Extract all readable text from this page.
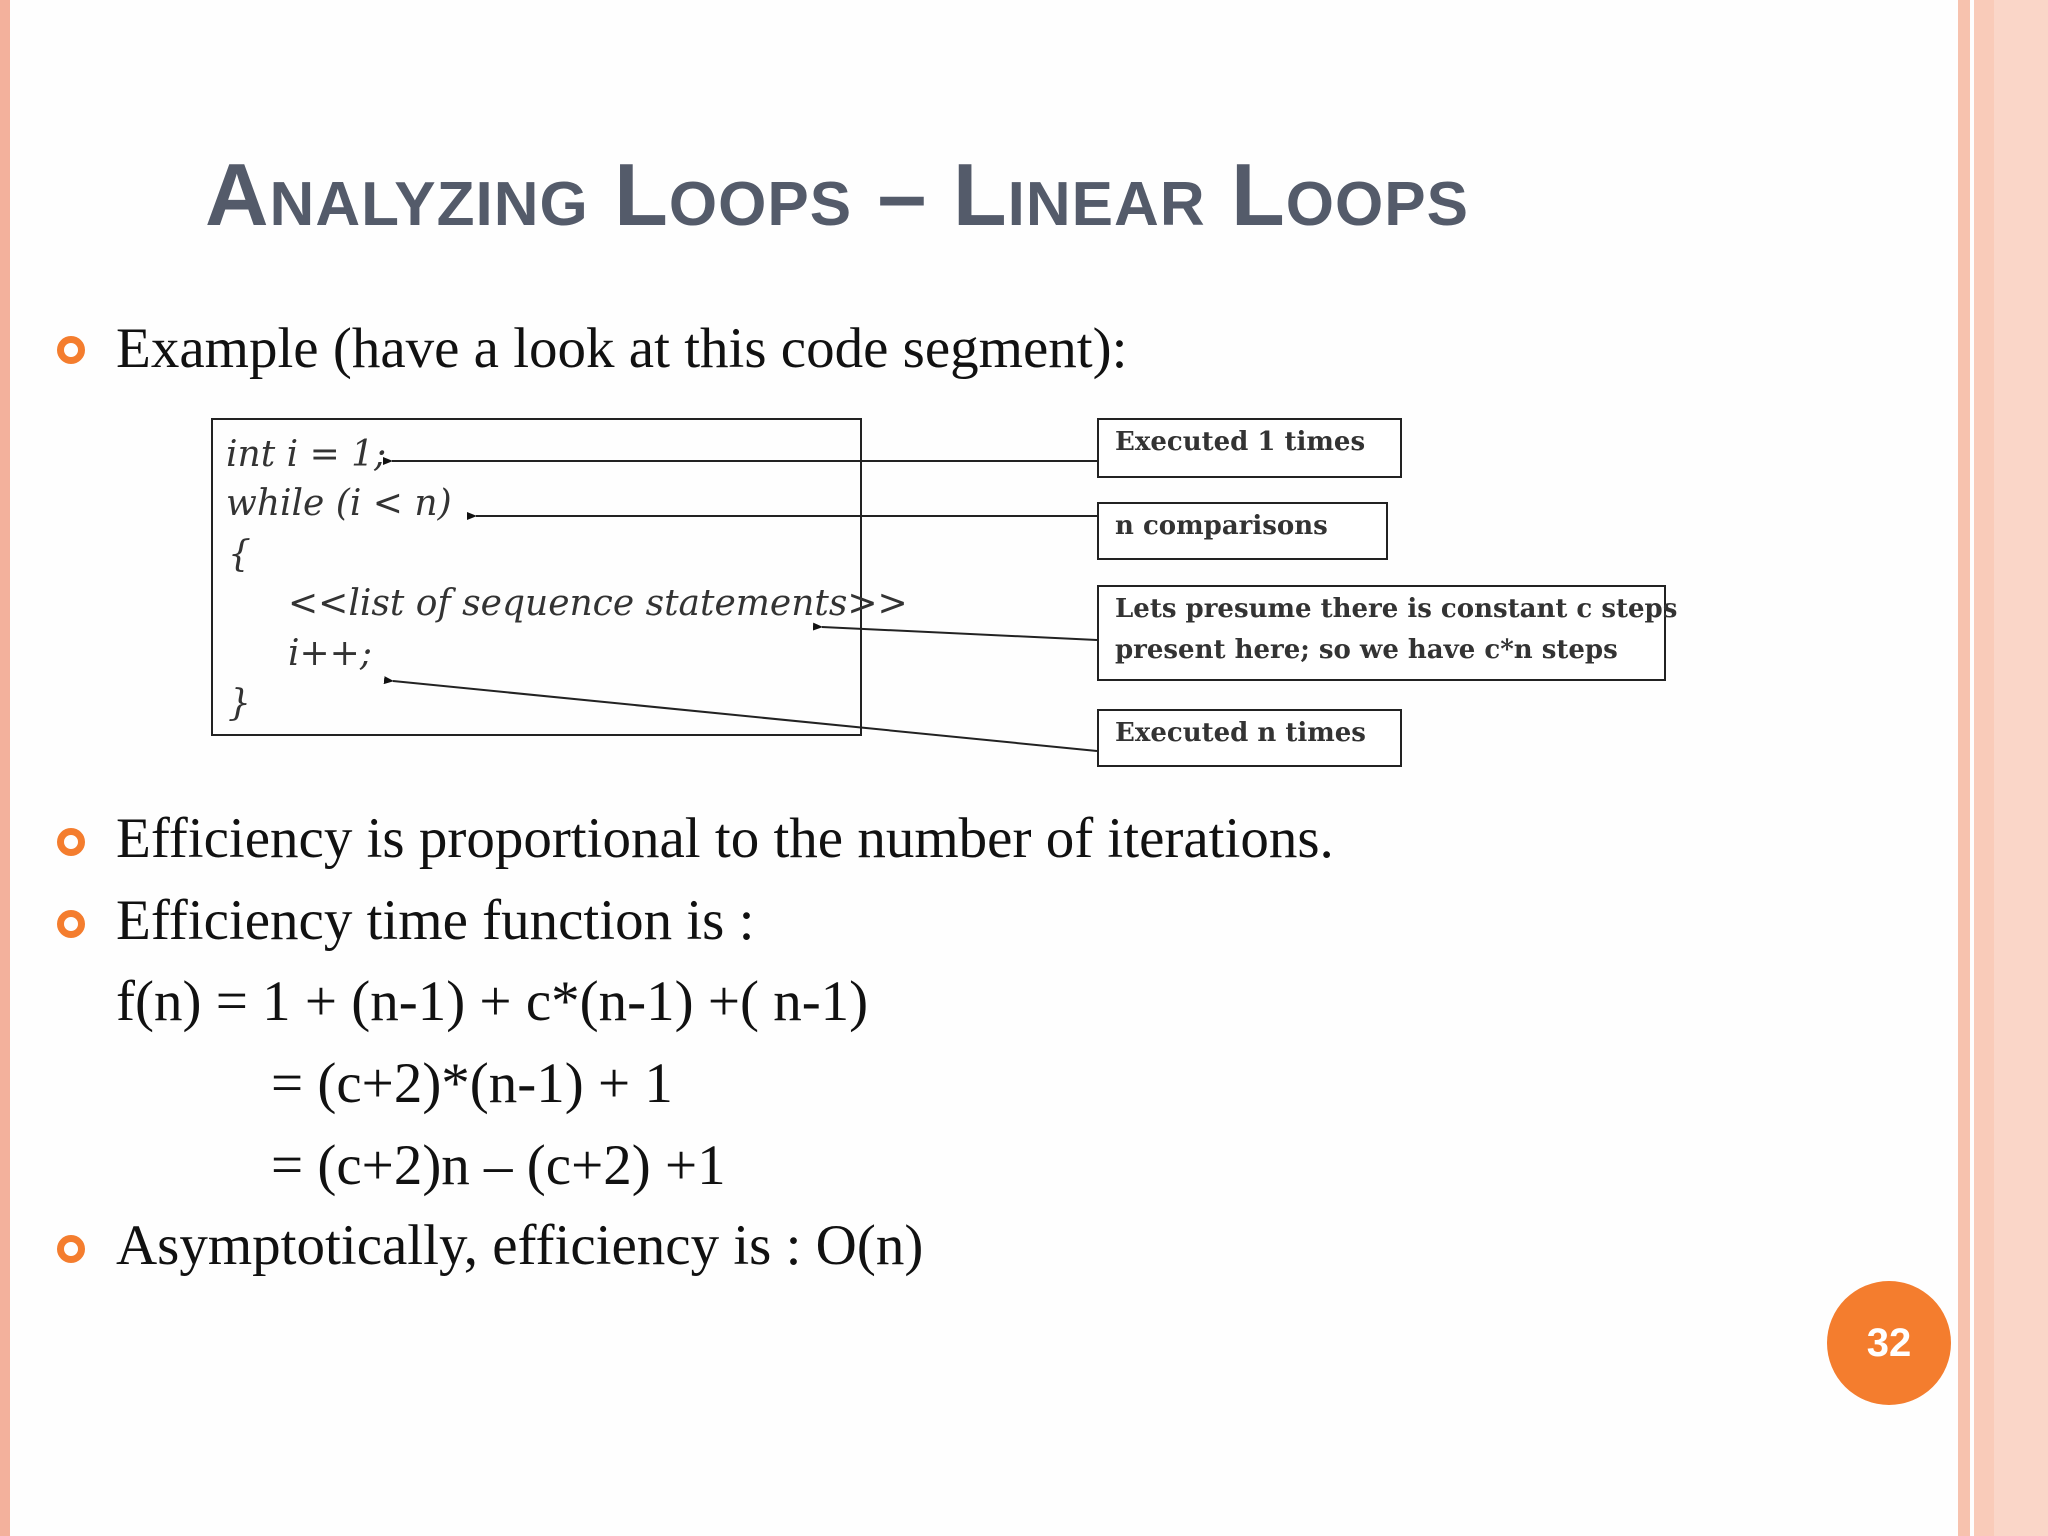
Analyzing Loops – Linear Loops
Example (have a look at this code segment):
int i = 1;
while (i < n)
{
<<list of sequence statements>>
i++;
}
Executed 1 times
n comparisons
Lets presume there is constant c steps
present here; so we have c*n steps
Executed n times
Efficiency is proportional to the number of iterations.
Efficiency time function is :
f(n) = 1 + (n-1) + c*(n-1) +( n-1)
= (c+2)*(n-1) + 1
= (c+2)n – (c+2) +1
Asymptotically, efficiency is : O(n)
32
